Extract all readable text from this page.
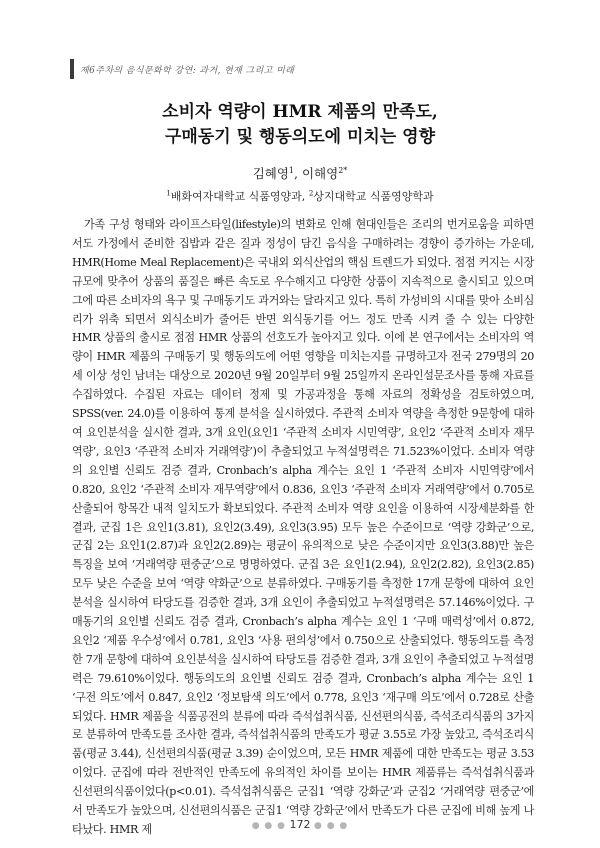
제6주차의 음식문화학 강연: 과거, 현재 그리고 미래
소비자 역량이 HMR 제품의 만족도,
구매동기 및 행동의도에 미치는 영향
김혜영$^1$, 이해영$^{2*}$
$^1$배화여자대학교 식품영양과, $^2$상지대학교 식품영양학과

가족 구성 형태와 라이프스타일(lifestyle)의 변화로 인해 현대인들은 조리의 번거로움을 피하면서도 가정에서 준비한 집밥과 같은 질과 정성이 담긴 음식을 구매하려는 경향이 증가하는 가운데, HMR(Home Meal Replacement)은 국내외 외식산업의 핵심 트렌드가 되었다. 점점 커지는 시장규모에 맞추어 상품의 품질은 빠른 속도로 우수해지고 다양한 상품이 지속적으로 출시되고 있으며 그에 따른 소비자의 욕구 및 구매동기도 과거와는 달라지고 있다. 특히 가성비의 시대를 맞아 소비심리가 위축 되면서 외식소비가 줄어든 반면 외식동기를 어느 정도 만족 시켜 줄 수 있는 다양한 HMR 상품의 출시로 점점 HMR 상품의 선호도가 높아지고 있다. 이에 본 연구에서는 소비자의 역량이 HMR 제품의 구매동기 및 행동의도에 어떤 영향을 미치는지를 규명하고자 전국 279명의 20세 이상 성인 남녀는 대상으로 2020년 9월 20일부터 9월 25일까지 온라인설문조사를 통해 자료를 수집하였다. 수집된 자료는 데이터 정제 및 가공과정을 통해 자료의 정확성을 검토하였으며, SPSS(ver. 24.0)를 이용하여 통계 분석을 실시하였다. 주관적 소비자 역량을 측정한 9문항에 대하여 요인분석을 실시한 결과, 3개 요인(요인1 ‘주관적 소비자 시민역량’, 요인2 ‘주관적 소비자 재무역량’, 요인3 ‘주관적 소비자 거래역량’)이 추출되었고 누적설명력은 71.523%이었다. 소비자 역량의 요인별 신뢰도 검증 결과, Cronbach’s alpha 계수는 요인 1 ‘주관적 소비자 시민역량’에서 0.820, 요인2 ‘주관적 소비자 재무역량’에서 0.836, 요인3 ‘주관적 소비자 거래역량’에서 0.705로 산출되어 항목간 내적 일치도가 확보되었다. 주관적 소비자 역량 요인을 이용하여 시장세분화를 한 결과, 군집 1은 요인1(3.81), 요인2(3.49), 요인3(3.95) 모두 높은 수준이므로 ‘역량 강화군’으로, 군집 2는 요인1(2.87)과 요인2(2.89)는 평균이 유의적으로 낮은 수준이지만 요인3(3.88)만 높은 특징을 보여 ‘거래역량 편중군’으로 명명하였다. 군집 3은 요인1(2.94), 요인2(2.82), 요인3(2.85) 모두 낮은 수준을 보여 ‘역량 약화군’으로 분류하였다. 구매동기를 측정한 17개 문항에 대하여 요인분석을 실시하여 타당도를 검증한 결과, 3개 요인이 추출되었고 누적설명력은 57.146%이었다. 구매동기의 요인별 신뢰도 검증 결과, Cronbach’s alpha 계수는 요인 1 ‘구매 매력성’에서 0.872, 요인2 ‘제품 우수성’에서 0.781, 요인3 ‘사용 편의성’에서 0.750으로 산출되었다. 행동의도를 측정한 7개 문항에 대하여 요인분석을 실시하여 타당도를 검증한 결과, 3개 요인이 추출되었고 누적설명력은 79.610%이었다. 행동의도의 요인별 신뢰도 검증 결과, Cronbach’s alpha 계수는 요인 1 ‘구전 의도’에서 0.847, 요인2 ‘정보탐색 의도’에서 0.778, 요인3 ‘재구매 의도’에서 0.728로 산출되었다. HMR 제품을 식품공전의 분류에 따라 즉석섭취식품, 신선편의식품, 즉석조리식품의 3가지로 분류하여 만족도를 조사한 결과, 즉석섭취식품의 만족도가 평균 3.55로 가장 높았고, 즉석조리식품(평균 3.44), 신선편의식품(평균 3.39) 순이었으며, 모든 HMR 제품에 대한 만족도는 평균 3.53이었다. 군집에 따라 전반적인 만족도에 유의적인 차이를 보이는 HMR 제품류는 즉석섭취식품과 신선편의식품이었다(p<0.01). 즉석섭취식품은 군집1 ‘역량 강화군’과 군집2 ‘거래역량 편중군’에서 만족도가 높았으며, 신선편의식품은 군집1 ‘역량 강화군’에서 만족도가 다른 군집에 비해 높게 나타났다. HMR 제	● ● ● 172 ● ● ●
